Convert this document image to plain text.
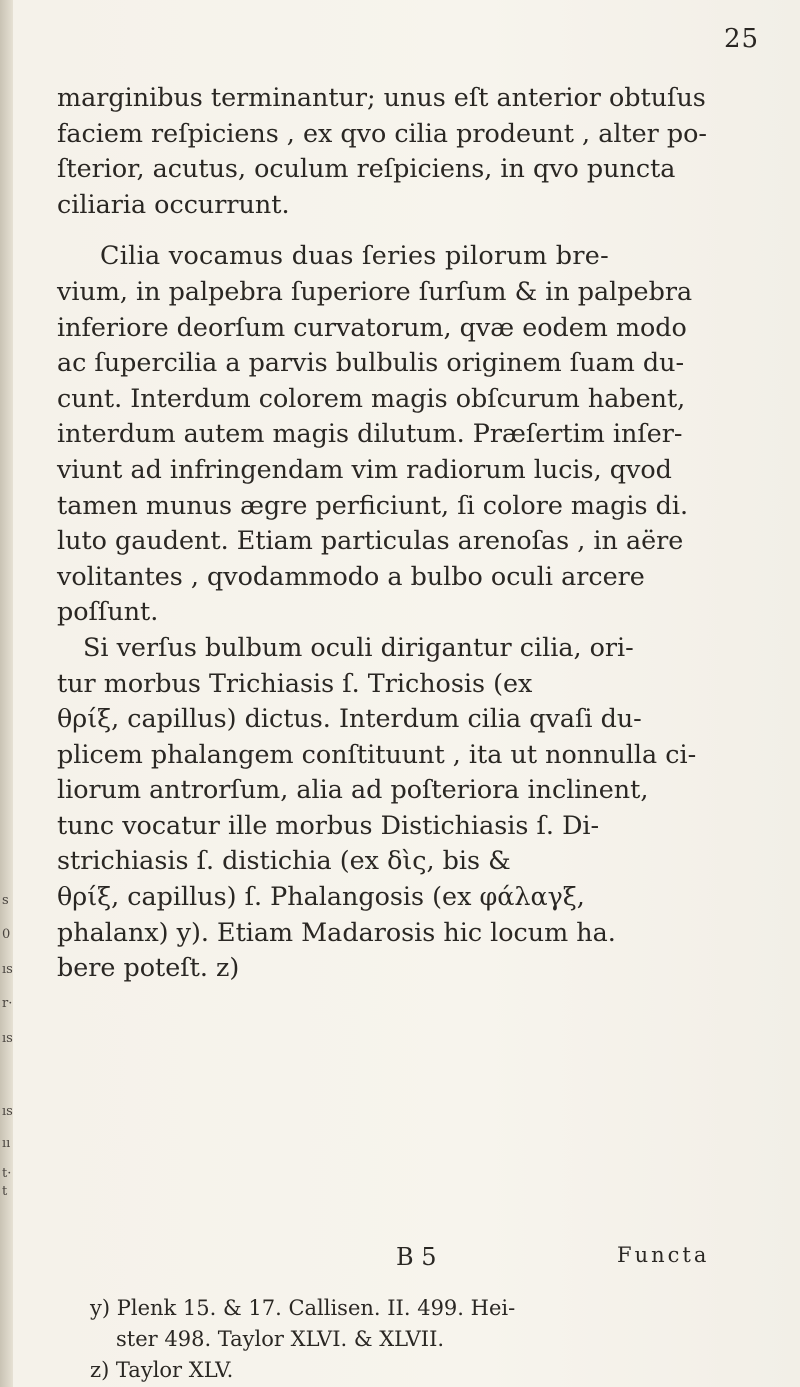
s
0
ıs
r·
ıs
ıs
ıı
t·
t
25
marginibus terminantur; unus eſt anterior obtuſus
faciem reſpiciens , ex qvo cilia prodeunt , alter po-
ſterior, acutus, oculum reſpiciens, in qvo puncta
ciliaria occurrunt.
Cilia vocamus duas ſeries pilorum bre-
vium, in palpebra ſuperiore ſurſum & in palpebra
inferiore deorſum curvatorum, qvæ eodem modo
ac ſupercilia a parvis bulbulis originem ſuam du-
cunt. Interdum colorem magis obſcurum habent,
interdum autem magis dilutum. Præſertim inſer-
viunt ad infringendam vim radiorum lucis, qvod
tamen munus ægre perficiunt, ſi colore magis di.
luto gaudent. Etiam particulas arenoſas , in aëre
volitantes , qvodammodo a bulbo oculi arcere
poſſunt.
Si verſus bulbum oculi dirigantur cilia, ori-
tur morbus Trichiasis ſ. Trichosis (ex
θρίξ, capillus) dictus. Interdum cilia qvaſi du-
plicem phalangem conſtituunt , ita ut nonnulla ci-
liorum antrorſum, alia ad poſteriora inclinent,
tunc vocatur ille morbus Distichiasis ſ. Di-
strichiasis ſ. distichia (ex δὶς, bis &
θρίξ, capillus) ſ. Phalangosis (ex φάλαγξ,
phalanx) y). Etiam Madarosis hic locum ha.
bere poteſt. z)
B 5	Functa
y) Plenk 15. & 17. Callisen. II. 499. Hei-
ster 498. Taylor XLVI. & XLVII.
z) Taylor XLV.
